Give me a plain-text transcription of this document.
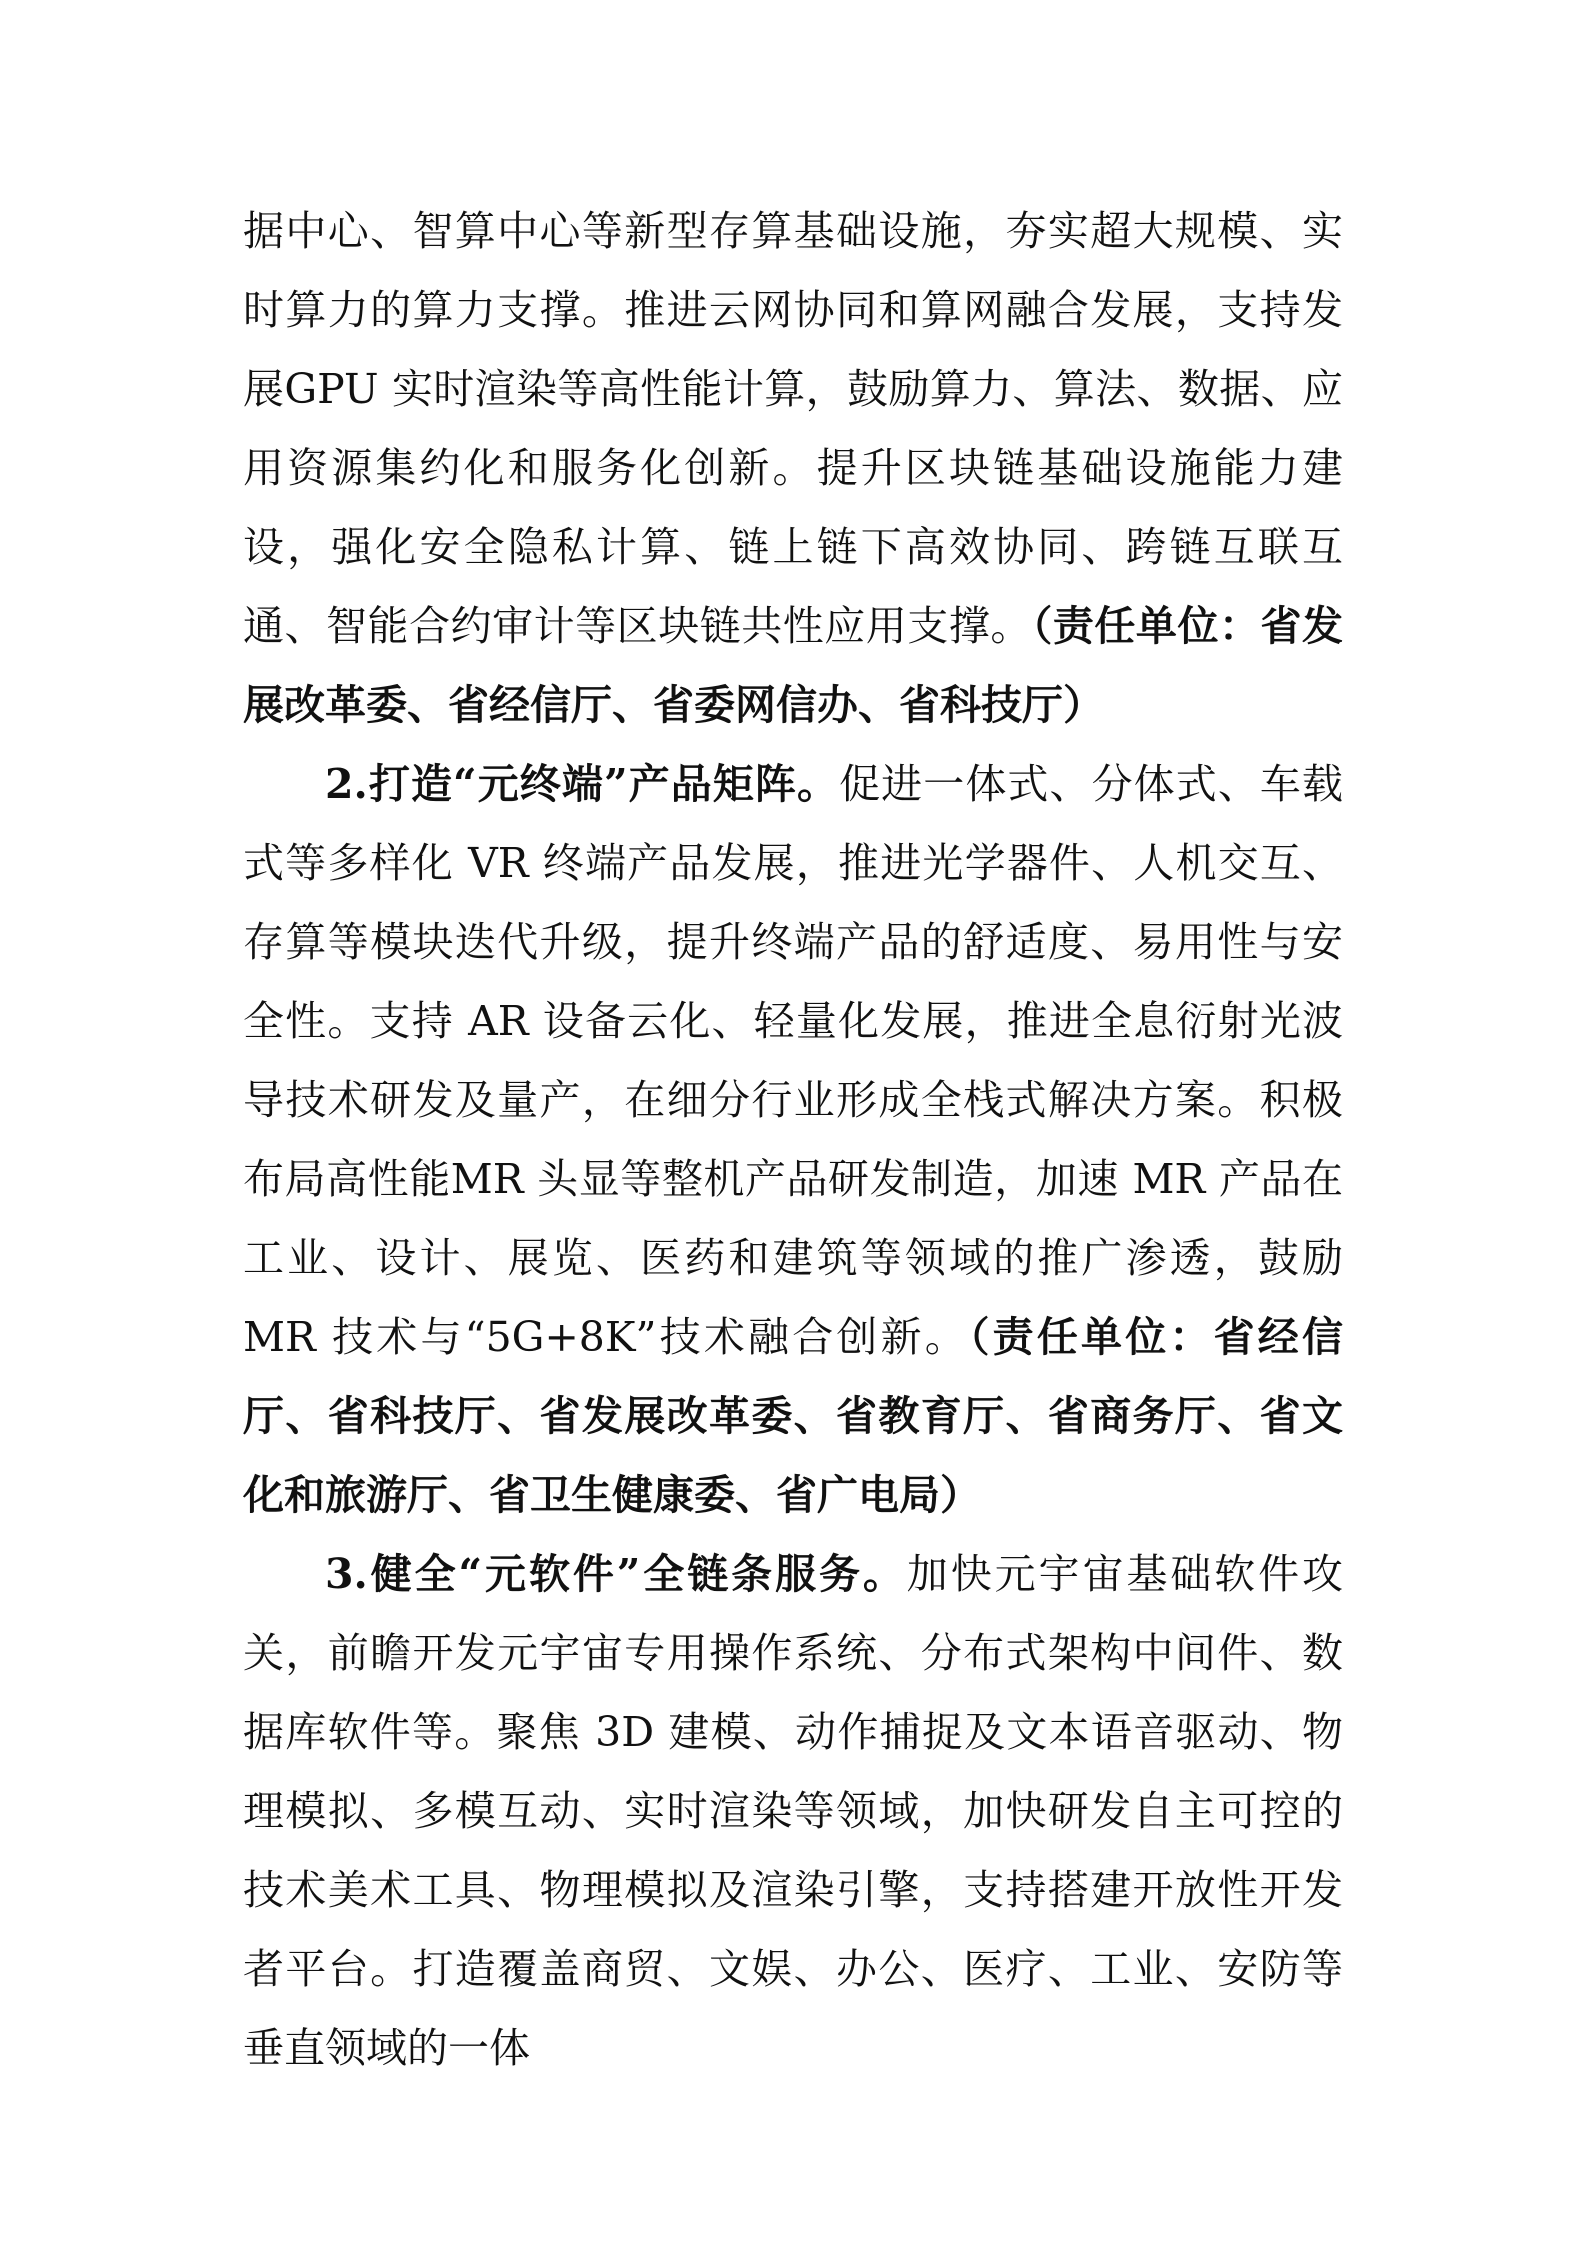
据中心、智算中心等新型存算基础设施，夯实超大规模、实时算力的算力支撑。推进云网协同和算网融合发展，支持发展GPU 实时渲染等高性能计算，鼓励算力、算法、数据、应用资源集约化和服务化创新。提升区块链基础设施能力建设，强化安全隐私计算、链上链下高效协同、跨链互联互通、智能合约审计等区块链共性应用支撑。（责任单位：省发展改革委、省经信厅、省委网信办、省科技厅）

2.打造“元终端”产品矩阵。促进一体式、分体式、车载式等多样化 VR 终端产品发展，推进光学器件、人机交互、存算等模块迭代升级，提升终端产品的舒适度、易用性与安全性。支持 AR 设备云化、轻量化发展，推进全息衍射光波导技术研发及量产，在细分行业形成全栈式解决方案。积极布局高性能MR 头显等整机产品研发制造，加速 MR 产品在工业、设计、展览、医药和建筑等领域的推广渗透，鼓励 MR 技术与“5G+8K”技术融合创新。（责任单位：省经信厅、省科技厅、省发展改革委、省教育厅、省商务厅、省文化和旅游厅、省卫生健康委、省广电局）

3.健全“元软件”全链条服务。加快元宇宙基础软件攻关，前瞻开发元宇宙专用操作系统、分布式架构中间件、数据库软件等。聚焦 3D 建模、动作捕捉及文本语音驱动、物理模拟、多模互动、实时渲染等领域，加快研发自主可控的技术美术工具、物理模拟及渲染引擎，支持搭建开放性开发者平台。打造覆盖商贸、文娱、办公、医疗、工业、安防等垂直领域的一体
